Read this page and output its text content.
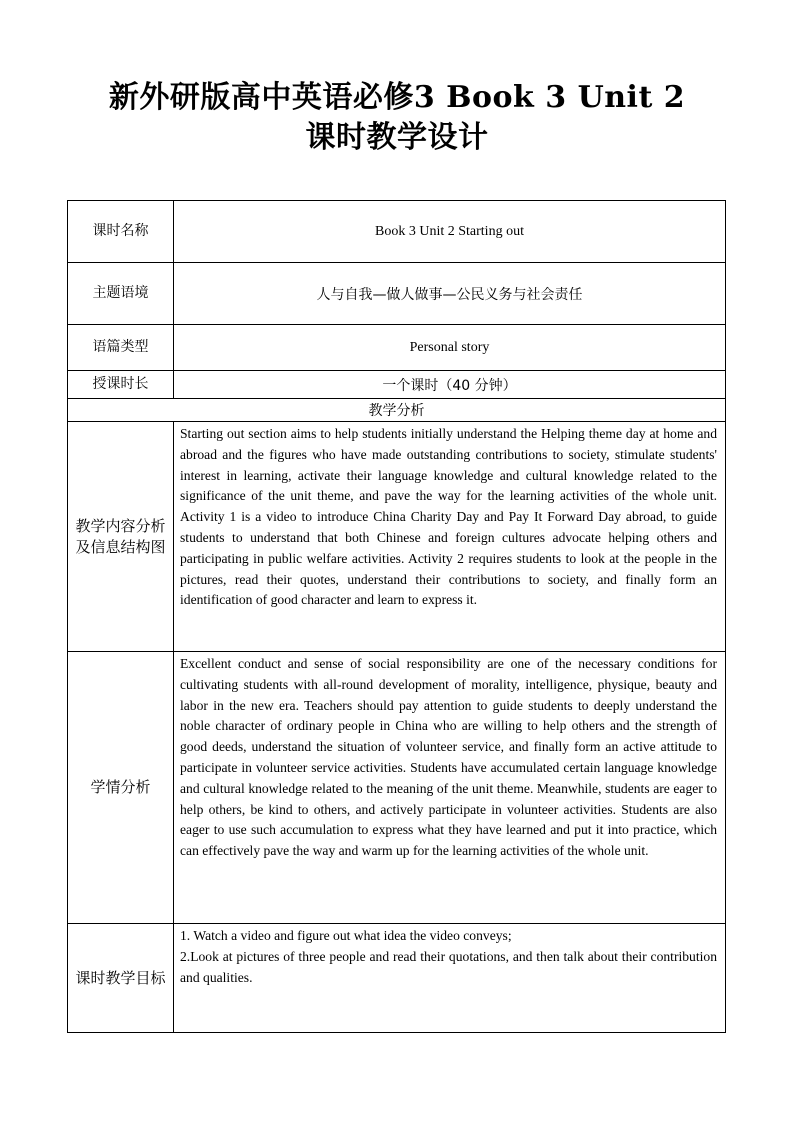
新外研版高中英语必修3 Book 3 Unit 2
课时教学设计
课时名称	Book 3 Unit 2 Starting out
主题语境	人与自我—做人做事—公民义务与社会责任
语篇类型	Personal story
授课时长	一个课时（40 分钟）
教学分析	
教学内容分析及信息结构图	Starting out section aims to help students initially understand the Helping theme day at home and abroad and the figures who have made outstanding contributions to society, stimulate students' interest in learning, activate their language knowledge and cultural knowledge related to the significance of the unit theme, and pave the way for the learning activities of the whole unit. Activity 1 is a video to introduce China Charity Day and Pay It Forward Day abroad, to guide students to understand that both Chinese and foreign cultures advocate helping others and participating in public welfare activities. Activity 2 requires students to look at the people in the pictures, read their quotes, understand their contributions to society, and finally form an identification of good character and learn to express it.

学情分析	Excellent conduct and sense of social responsibility are one of the necessary conditions for cultivating students with all-round development of morality, intelligence, physique, beauty and labor in the new era. Teachers should pay attention to guide students to deeply understand the noble character of ordinary people in China who are willing to help others and the strength of good deeds, understand the situation of volunteer service, and finally form an active attitude to participate in volunteer service activities. Students have accumulated certain language knowledge and cultural knowledge related to the meaning of the unit theme. Meanwhile, students are eager to help others, be kind to others, and actively participate in volunteer activities. Students are also eager to use such accumulation to express what they have learned and put it into practice, which can effectively pave the way and warm up for the learning activities of the whole unit.

课时教学目标	1. Watch a video and figure out what idea the video conveys;

2.Look at pictures of three people and read their quotations, and then talk about their contribution and qualities.
